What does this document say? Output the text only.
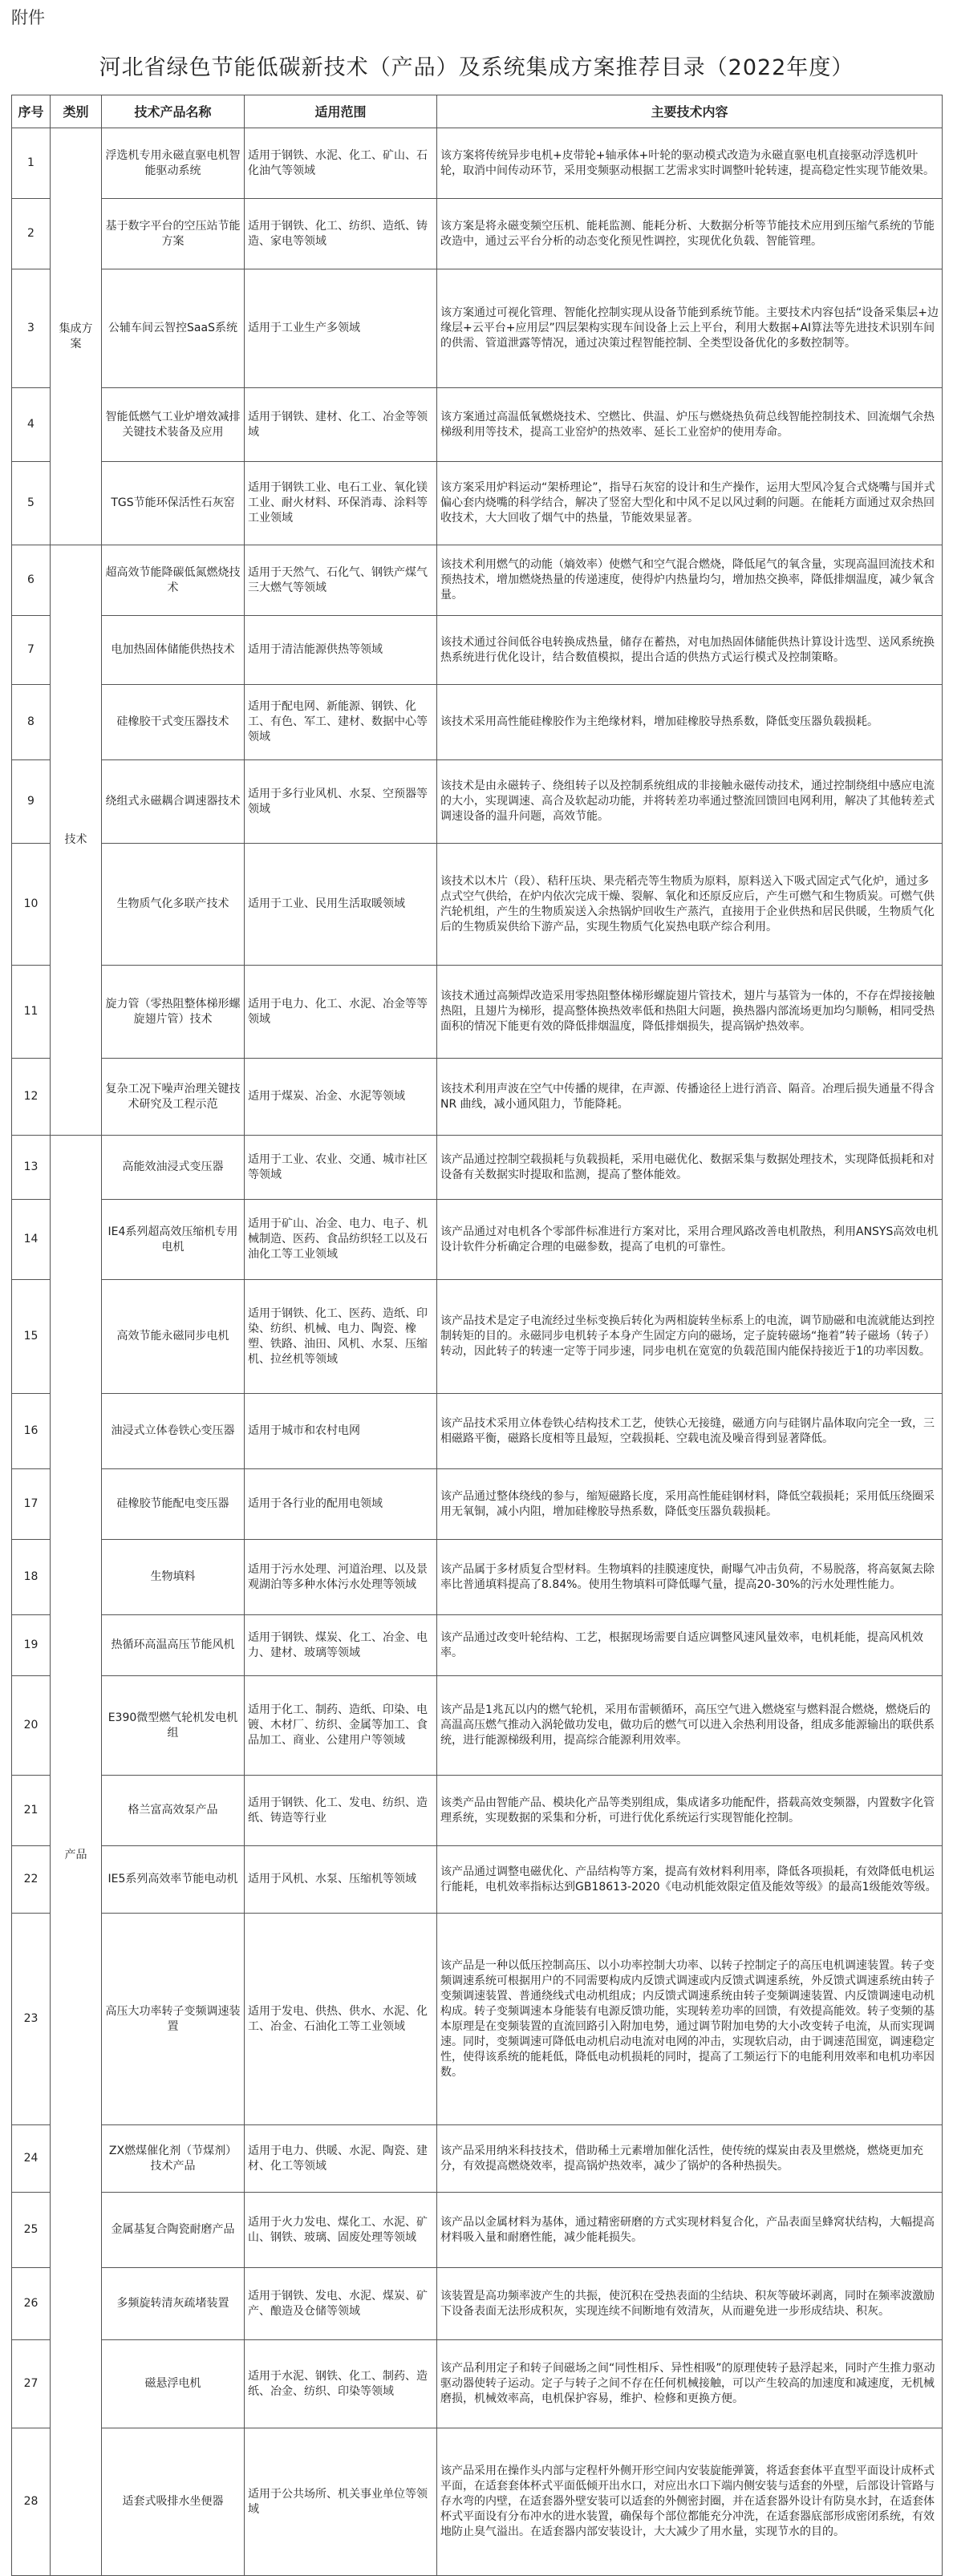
附件
河北省绿色节能低碳新技术（产品）及系统集成方案推荐目录（2022年度）
序号	类别	技术产品名称	适用范围	主要技术内容
1	集成方案	浮选机专用永磁直驱电机智能驱动系统	适用于钢铁、水泥、化工、矿山、石化油气等领域	该方案将传统异步电机+皮带轮+轴承体+叶轮的驱动模式改造为永磁直驱电机直接驱动浮选机叶轮，取消中间传动环节，采用变频驱动根据工艺需求实时调整叶轮转速，提高稳定性实现节能效果。
2		基于数字平台的空压站节能方案	适用于钢铁、化工、纺织、造纸、铸造、家电等领域	该方案是将永磁变频空压机、能耗监测、能耗分析、大数据分析等节能技术应用到压缩气系统的节能改造中，通过云平台分析的动态变化预见性调控，实现优化负载、智能管理。
3		公辅车间云智控SaaS系统	适用于工业生产多领域	该方案通过可视化管理、智能化控制实现从设备节能到系统节能。主要技术内容包括“设备采集层+边缘层+云平台+应用层”四层架构实现车间设备上云上平台，利用大数据+AI算法等先进技术识别车间的供需、管道泄露等情况，通过决策过程智能控制、全类型设备优化的多数控制等。
4		智能低燃气工业炉增效减排关键技术装备及应用	适用于钢铁、建材、化工、冶金等领域	该方案通过高温低氧燃烧技术、空燃比、供温、炉压与燃烧热负荷总线智能控制技术、回流烟气余热梯级利用等技术，提高工业窑炉的热效率、延长工业窑炉的使用寿命。
5		TGS节能环保活性石灰窑	适用于钢铁工业、电石工业、氧化镁工业、耐火材料、环保消毒、涂料等工业领域	该方案采用炉料运动“架桥理论”，指导石灰窑的设计和生产操作，运用大型风冷复合式烧嘴与国并式偏心套内烧嘴的科学结合，解决了竖窑大型化和中风不足以风过剩的问题。在能耗方面通过双余热回收技术，大大回收了烟气中的热量，节能效果显著。
6	技术	超高效节能降碳低氮燃烧技术	适用于天然气、石化气、钢铁产煤气三大燃气等领域	该技术利用燃气的动能（熵效率）使燃气和空气混合燃烧，降低尾气的氧含量，实现高温回流技术和预热技术，增加燃烧热量的传递速度，使得炉内热量均匀，增加热交换率，降低排烟温度，减少氧含量。
7		电加热固体储能供热技术	适用于清洁能源供热等领域	该技术通过谷间低谷电转换成热量，储存在蓄热，对电加热固体储能供热计算设计选型、送风系统换热系统进行优化设计，结合数值模拟，提出合适的供热方式运行模式及控制策略。
8		硅橡胶干式变压器技术	适用于配电网、新能源、钢铁、化工、有色、军工、建材、数据中心等领域	该技术采用高性能硅橡胶作为主绝缘材料，增加硅橡胶导热系数，降低变压器负载损耗。
9		绕组式永磁耦合调速器技术	适用于多行业风机、水泵、空预器等领域	该技术是由永磁转子、绕组转子以及控制系统组成的非接触永磁传动技术，通过控制绕组中感应电流的大小，实现调速、高合及软起动功能，并将转差功率通过整流回馈回电网利用，解决了其他转差式调速设备的温升问题，高效节能。
10		生物质气化多联产技术	适用于工业、民用生活取暖领域	该技术以木片（段）、秸秆压块、果壳稻壳等生物质为原料，原料送入下吸式固定式气化炉，通过多点式空气供给，在炉内依次完成干燥、裂解、氧化和还原反应后，产生可燃气和生物质炭。可燃气供汽轮机组，产生的生物质炭送入余热锅炉回收生产蒸汽，直接用于企业供热和居民供暖，生物质气化后的生物质炭供给下游产品，实现生物质气化炭热电联产综合利用。
11		旋力管（零热阻整体梯形螺旋翅片管）技术	适用于电力、化工、水泥、冶金等等领域	该技术通过高频焊改造采用零热阻整体梯形螺旋翅片管技术，翅片与基管为一体的，不存在焊接接触热阻，且翅片为梯形，提高整体换热效率低和热阻大问题，换热器内部流场更加均匀顺畅，相同受热面积的情况下能更有效的降低排烟温度，降低排烟损失，提高锅炉热效率。
12		复杂工况下噪声治理关键技术研究及工程示范	适用于煤炭、冶金、水泥等领域	该技术利用声波在空气中传播的规律，在声源、传播途径上进行消音、隔音。冶理后损失通量不得含NR 曲线，减小通风阻力，节能降耗。
13	产品	高能效油浸式变压器	适用于工业、农业、交通、城市社区等领域	该产品通过控制空载损耗与负载损耗，采用电磁优化、数据采集与数据处理技术，实现降低损耗和对设备有关数据实时提取和监测，提高了整体能效。
14		IE4系列超高效压缩机专用电机	适用于矿山、冶金、电力、电子、机械制造、医药、食品纺织轻工以及石油化工等工业领域	该产品通过对电机各个零部件标准进行方案对比，采用合理风路改善电机散热，利用ANSYS高效电机设计软件分析确定合理的电磁参数，提高了电机的可靠性。
15		高效节能永磁同步电机	适用于钢铁、化工、医药、造纸、印染、纺织、机械、电力、陶瓷、橡塑、铁路、油田、风机、水泵、压缩机、拉丝机等领域	该产品技术是定子电流经过坐标变换后转化为两相旋转坐标系上的电流，调节励磁和电流就能达到控制转矩的目的。永磁同步电机转子本身产生固定方向的磁场，定子旋转磁场“拖着”转子磁场（转子）转动，因此转子的转速一定等于同步速，同步电机在宽宽的负载范围内能保持接近于1的功率因数。
16		油浸式立体卷铁心变压器	适用于城市和农村电网	该产品技术采用立体卷铁心结构技术工艺，使铁心无接缝，磁通方向与硅钢片晶体取向完全一致，三相磁路平衡，磁路长度相等且最短，空载损耗、空载电流及噪音得到显著降低。
17		硅橡胶节能配电变压器	适用于各行业的配用电领域	该产品通过整体绕线的参与，缩短磁路长度，采用高性能硅钢材料，降低空载损耗；采用低压绕圈采用无氧铜，减小内阻，增加硅橡胶导热系数，降低变压器负载损耗。
18		生物填料	适用于污水处理、河道治理、以及景观湖泊等多种水体污水处理等领域	该产品属于多材质复合型材料。生物填料的挂膜速度快，耐曝气冲击负荷，不易脱落，将高氨氮去除率比普通填料提高了8.84%。使用生物填料可降低曝气量，提高20-30%的污水处理性能力。
19		热循环高温高压节能风机	适用于钢铁、煤炭、化工、冶金、电力、建材、玻璃等领域	该产品通过改变叶轮结构、工艺，根据现场需要自适应调整风速风量效率，电机耗能，提高风机效率。
20		E390微型燃气轮机发电机组	适用于化工、制药、造纸、印染、电镀、木材厂、纺织、金属等加工、食品加工、商业、公建用户等领域	该产品是1兆瓦以内的燃气轮机，采用布雷顿循环，高压空气进入燃烧室与燃料混合燃烧，燃烧后的高温高压燃气推动入涡轮做功发电，做功后的燃气可以进入余热利用设备，组成多能源输出的联供系统，进行能源梯级利用，提高综合能源利用效率。
21		格兰富高效泵产品	适用于钢铁、化工、发电、纺织、造纸、铸造等行业	该类产品由智能产品、模块化产品等类别组成，集成诸多功能配件，搭载高效变频器，内置数字化管理系统，实现数据的采集和分析，可进行优化系统运行实现智能化控制。
22		IE5系列高效率节能电动机	适用于风机、水泵、压缩机等领域	该产品通过调整电磁优化、产品结构等方案，提高有效材料利用率，降低各项损耗，有效降低电机运行能耗，电机效率指标达到GB18613-2020《电动机能效限定值及能效等级》的最高1级能效等级。
23		高压大功率转子变频调速装置	适用于发电、供热、供水、水泥、化工、冶金、石油化工等工业领域	该产品是一种以低压控制高压、以小功率控制大功率、以转子控制定子的高压电机调速装置。转子变频调速系统可根据用户的不同需要构成内反馈式调速或内反馈式调速系统，外反馈式调速系统由转子变频调速装置、普通绕线式电动机组成；内反馈式调速系统由转子变频调速装置、内反馈调速电动机构成。转子变频调速本身能装有电源反馈功能，实现转差功率的回馈，有效提高能效。转子变频的基本原理是在变频装置的直流回路引入附加电势，通过调节附加电势的大小改变转子电流，从而实现调速。同时，变频调速可降低电动机启动电流对电网的冲击，实现软启动，由于调速范围宽，调速稳定性，使得该系统的能耗低，降低电动机损耗的同时，提高了工频运行下的电能利用效率和电机功率因数。
24		ZX燃煤催化剂（节煤剂）技术产品	适用于电力、供暖、水泥、陶瓷、建材、化工等领域	该产品采用纳米科技技术，借助稀土元素增加催化活性，使传统的煤炭由表及里燃烧，燃烧更加充分，有效提高燃烧效率，提高锅炉热效率，减少了锅炉的各种热损失。
25		金属基复合陶瓷耐磨产品	适用于火力发电、煤化工、水泥、矿山、钢铁、玻璃、固废处理等领域	该产品以金属材料为基体，通过精密研磨的方式实现材料复合化，产品表面呈蜂窝状结构，大幅提高材料吸入量和耐磨性能，减少能耗损失。
26		多频旋转清灰疏堵装置	适用于钢铁、发电、水泥、煤炭、矿产、酿造及仓储等领域	该装置是高功频率波产生的共振，使沉积在受热表面的尘结块、积灰等破坏剥离，同时在频率波激励下设备表面无法形成积灰，实现连续不间断地有效清灰，从而避免进一步形成结块、积灰。
27		磁悬浮电机	适用于水泥、钢铁、化工、制药、造纸、冶金、纺织、印染等领域	该产品利用定子和转子间磁场之间“同性相斥、异性相吸”的原理使转子悬浮起来，同时产生推力驱动驱动器使转子运动。定子与转子之间不存在任何机械接触，可以产生较高的加速度和减速度，无机械磨损，机械效率高，电机保护容易，维护、检修和更换方便。
28		适套式吸排水坐便器	适用于公共场所、机关事业单位等领域	该产品采用在操作头内部与定程杆外侧开形空间内安装旋能弹簧，将适套套体平直型平面设计成杯式平面，在适套套体杯式平面低倾开出水口，对应出水口下端内侧安装与适套的外壁，后部设计管路与存水弯的内壁，在适套器外壁安装可以适套的外侧密封圈，并在适套器外设计有防臭水封，在适套体杯式平面设有分布冲水的进水装置，确保每个部位都能充分冲洗，在适套器底部形成密闭系统，有效地防止臭气溢出。在适套器内部安装设计，大大减少了用水量，实现节水的目的。
